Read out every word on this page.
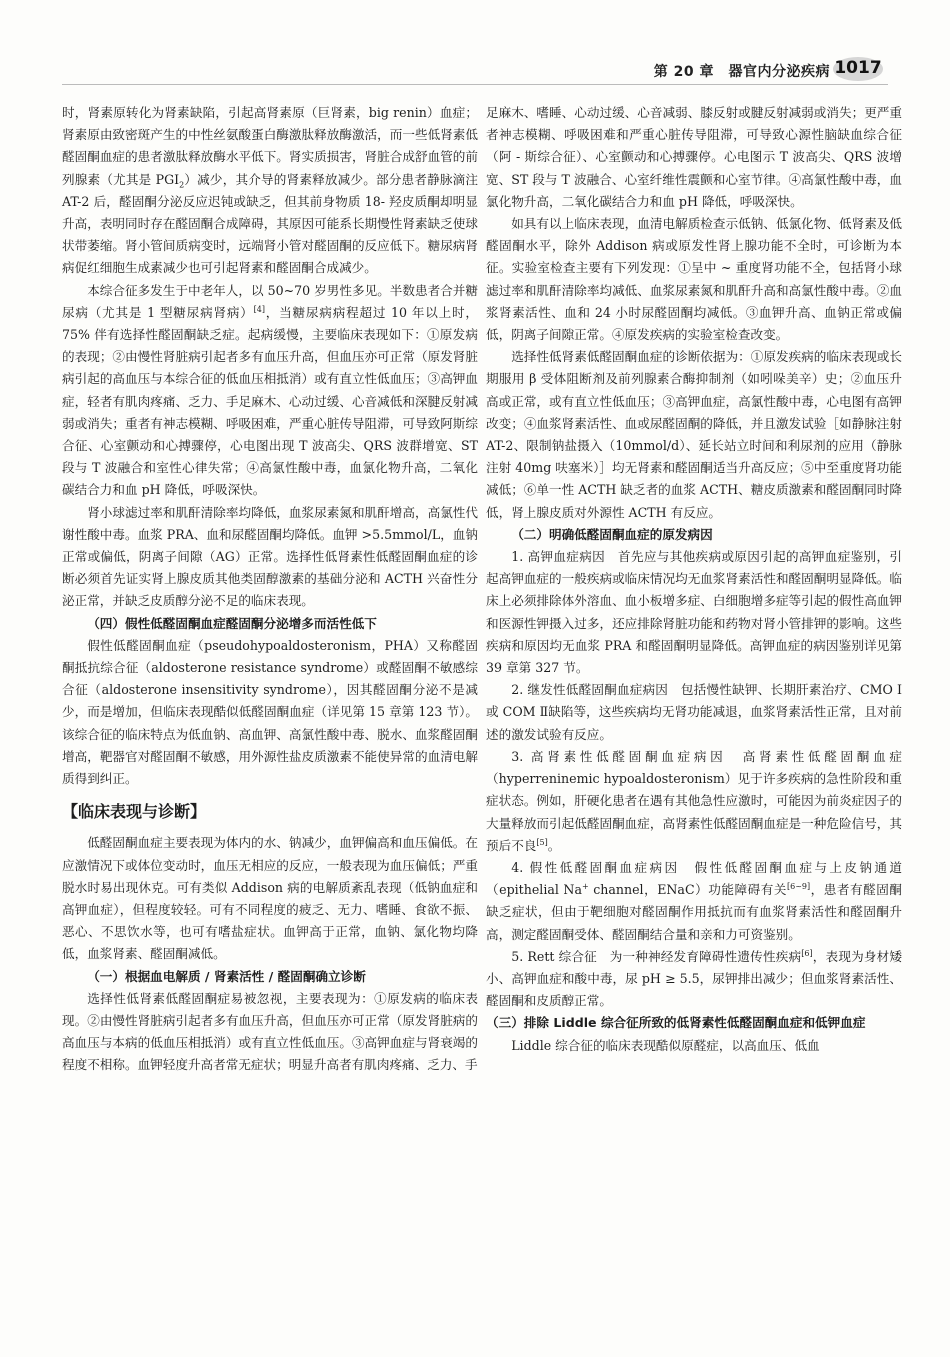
第 20 章　器官内分泌疾病 1017

时，肾素原转化为肾素缺陷，引起高肾素原（巨肾素，big renin）血症；肾素原由致密斑产生的中性丝氨酸蛋白酶激肽释放酶激活，而一些低肾素低醛固酮血症的患者激肽释放酶水平低下。肾实质损害，肾脏合成舒血管的前列腺素（尤其是 $PGI_2$）减少，其介导的肾素释放减少。部分患者静脉滴注 AT-2 后，醛固酮分泌反应迟钝或缺乏，但其前身物质 18- 羟皮质酮却明显升高，表明同时存在醛固酮合成障碍，其原因可能系长期慢性肾素缺乏使球状带萎缩。肾小管间质病变时，远端肾小管对醛固酮的反应低下。糖尿病肾病促红细胞生成素减少也可引起肾素和醛固酮合成减少。

本综合征多发生于中老年人，以 50~70 岁男性多见。半数患者合并糖尿病（尤其是 1 型糖尿病肾病）[4]，当糖尿病病程超过 10 年以上时，75% 伴有选择性醛固酮缺乏症。起病缓慢，主要临床表现如下：①原发病的表现；②由慢性肾脏病引起者多有血压升高，但血压亦可正常（原发肾脏病引起的高血压与本综合征的低血压相抵消）或有直立性低血压；③高钾血症，轻者有肌肉疼痛、乏力、手足麻木、心动过缓、心音减低和深腱反射减弱或消失；重者有神志模糊、呼吸困难，严重心脏传导阻滞，可导致阿斯综合征、心室颤动和心搏骤停，心电图出现 T 波高尖、QRS 波群增宽、ST 段与 T 波融合和室性心律失常；④高氯性酸中毒，血氯化物升高，二氧化碳结合力和血 pH 降低，呼吸深快。

肾小球滤过率和肌酐清除率均降低，血浆尿素氮和肌酐增高，高氯性代谢性酸中毒。血浆 PRA、血和尿醛固酮均降低。血钾 >5.5mmol/L，血钠正常或偏低，阴离子间隙（AG）正常。选择性低肾素性低醛固酮血症的诊断必须首先证实肾上腺皮质其他类固醇激素的基础分泌和 ACTH 兴奋性分泌正常，并缺乏皮质醇分泌不足的临床表现。

（四）假性低醛固酮血症醛固酮分泌增多而活性低下

假性低醛固酮血症（pseudohypoaldosteronism，PHA）又称醛固酮抵抗综合征（aldosterone resistance syndrome）或醛固酮不敏感综合征（aldosterone insensitivity syndrome），因其醛固酮分泌不是减少，而是增加，但临床表现酷似低醛固酮血症（详见第 15 章第 123 节）。该综合征的临床特点为低血钠、高血钾、高氯性酸中毒、脱水、血浆醛固酮增高，靶器官对醛固酮不敏感，用外源性盐皮质激素不能使异常的血清电解质得到纠正。

【临床表现与诊断】

低醛固酮血症主要表现为体内的水、钠减少，血钾偏高和血压偏低。在应激情况下或体位变动时，血压无相应的反应，一般表现为血压偏低；严重脱水时易出现休克。可有类似 Addison 病的电解质紊乱表现（低钠血症和高钾血症），但程度较轻。可有不同程度的疲乏、无力、嗜睡、食欲不振、恶心、不思饮水等，也可有嗜盐症状。血钾高于正常，血钠、氯化物均降低，血浆肾素、醛固酮减低。

（一）根据血电解质 / 肾素活性 / 醛固酮确立诊断

选择性低肾素低醛固酮症易被忽视，主要表现为：①原发病的临床表现。②由慢性肾脏病引起者多有血压升高，但血压亦可正常（原发肾脏病的高血压与本病的低血压相抵消）或有直立性低血压。③高钾血症与肾衰竭的程度不相称。血钾轻度升高者常无症状；明显升高者有肌肉疼痛、乏力、手

足麻木、嗜睡、心动过缓、心音减弱、膝反射或腱反射减弱或消失；更严重者神志模糊、呼吸困难和严重心脏传导阻滞，可导致心源性脑缺血综合征（阿 - 斯综合征）、心室颤动和心搏骤停。心电图示 T 波高尖、QRS 波增宽、ST 段与 T 波融合、心室纤维性震颤和心室节律。④高氯性酸中毒，血氯化物升高，二氧化碳结合力和血 pH 降低，呼吸深快。

如具有以上临床表现，血清电解质检查示低钠、低氯化物、低肾素及低醛固酮水平，除外 Addison 病或原发性肾上腺功能不全时，可诊断为本征。实验室检查主要有下列发现：①呈中 ~ 重度肾功能不全，包括肾小球滤过率和肌酐清除率均减低、血浆尿素氮和肌酐升高和高氯性酸中毒。②血浆肾素活性、血和 24 小时尿醛固酮均减低。③血钾升高、血钠正常或偏低，阴离子间隙正常。④原发疾病的实验室检查改变。

选择性低肾素低醛固酮血症的诊断依据为：①原发疾病的临床表现或长期服用 β 受体阻断剂及前列腺素合酶抑制剂（如吲哚美辛）史；②血压升高或正常，或有直立性低血压；③高钾血症，高氯性酸中毒，心电图有高钾改变；④血浆肾素活性、血或尿醛固酮的降低，并且激发试验［如静脉注射 AT-2、限制钠盐摄入（10mmol/d）、延长站立时间和利尿剂的应用（静脉注射 40mg 呋塞米）］均无肾素和醛固酮适当升高反应；⑤中至重度肾功能减低；⑥单一性 ACTH 缺乏者的血浆 ACTH、糖皮质激素和醛固酮同时降低，肾上腺皮质对外源性 ACTH 有反应。

（二）明确低醛固酮血症的原发病因

1. 高钾血症病因　首先应与其他疾病或原因引起的高钾血症鉴别，引起高钾血症的一般疾病或临床情况均无血浆肾素活性和醛固酮明显降低。临床上必须排除体外溶血、血小板增多症、白细胞增多症等引起的假性高血钾和医源性钾摄入过多，还应排除肾脏功能和药物对肾小管排钾的影响。这些疾病和原因均无血浆 PRA 和醛固酮明显降低。高钾血症的病因鉴别详见第 39 章第 327 节。

2. 继发性低醛固酮血症病因　包括慢性缺钾、长期肝素治疗、CMO Ⅰ或 COM Ⅱ缺陷等，这些疾病均无肾功能减退，血浆肾素活性正常，且对前述的激发试验有反应。

3. 高肾素性低醛固酮血症病因　高肾素性低醛固酮血症（hyperreninemic hypoaldosteronism）见于许多疾病的急性阶段和重症状态。例如，肝硬化患者在遇有其他急性应激时，可能因为前炎症因子的大量释放而引起低醛固酮血症，高肾素性低醛固酮血症是一种危险信号，其预后不良[5]。

4. 假性低醛固酮血症病因　假性低醛固酮血症与上皮钠通道（epithelial Na+ channel，ENaC）功能障碍有关[6~9]，患者有醛固酮缺乏症状，但由于靶细胞对醛固酮作用抵抗而有血浆肾素活性和醛固酮升高，测定醛固酮受体、醛固酮结合量和亲和力可资鉴别。

5. Rett 综合征　为一种神经发育障碍性遗传性疾病[6]，表现为身材矮小、高钾血症和酸中毒，尿 pH ≥ 5.5，尿钾排出减少；但血浆肾素活性、醛固酮和皮质醇正常。

（三）排除 Liddle 综合征所致的低肾素性低醛固酮血症和低钾血症

Liddle 综合征的临床表现酷似原醛症，以高血压、低血
